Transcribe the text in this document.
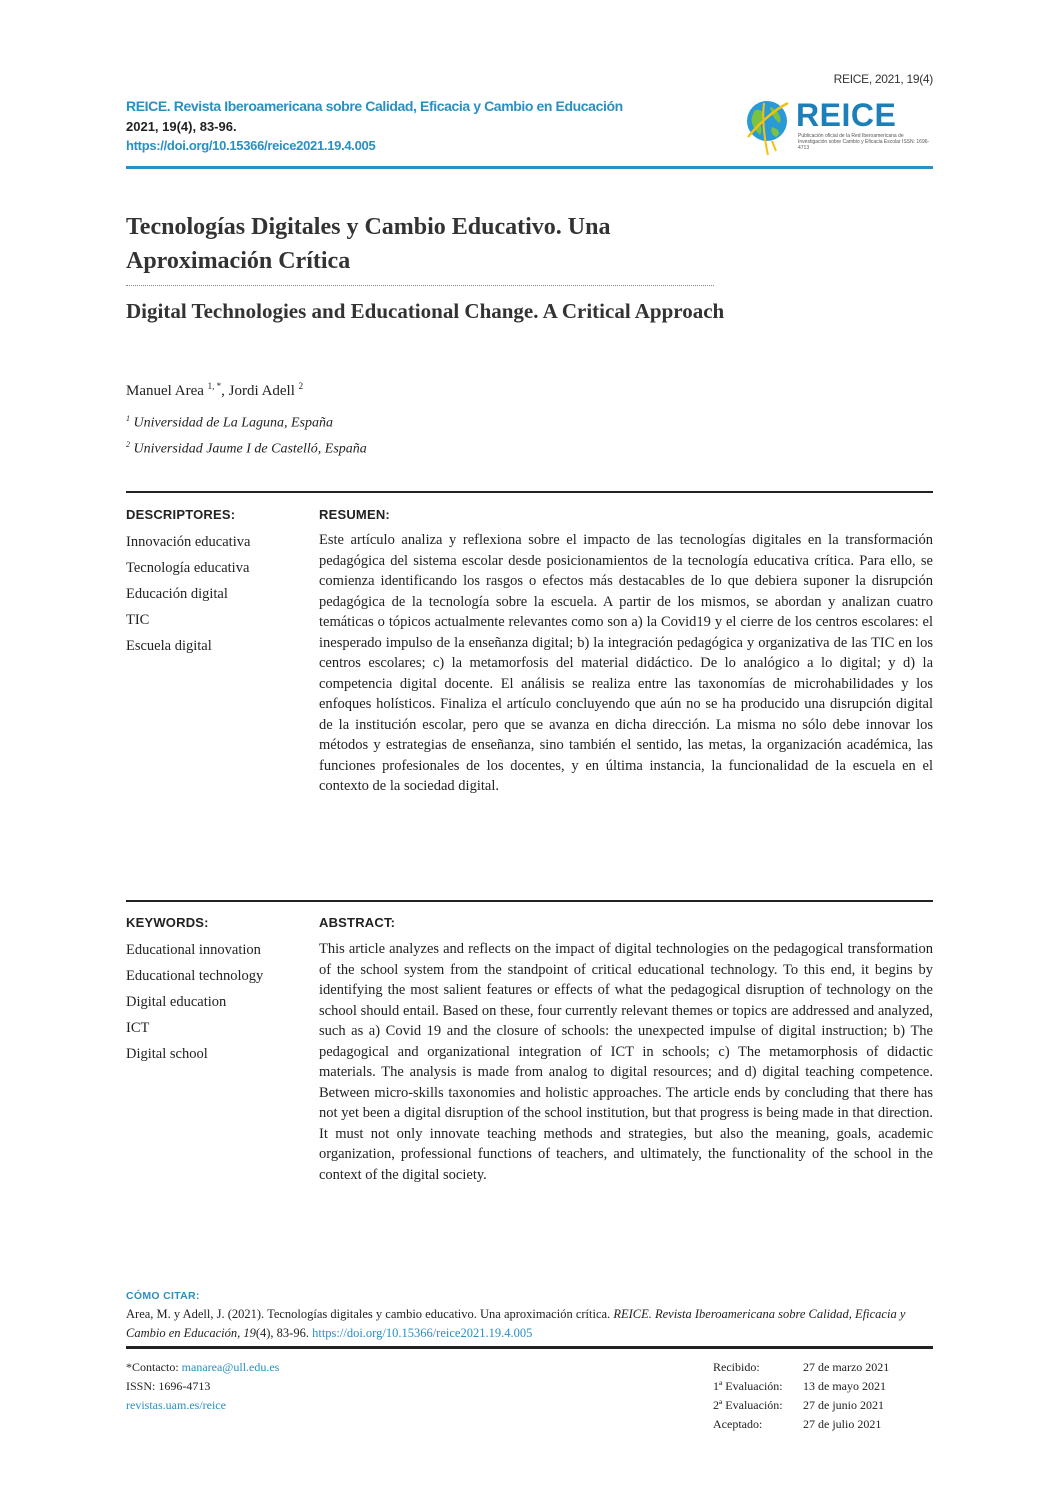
REICE, 2021, 19(4)
REICE. Revista Iberoamericana sobre Calidad, Eficacia y Cambio en Educación
2021, 19(4), 83-96.
https://doi.org/10.15366/reice2021.19.4.005
REICE
Publicación oficial de la Red Iberoamericana de Investigación sobre Cambio y Eficacia Escolar ISSN: 1696-4713
Tecnologías Digitales y Cambio Educativo. Una Aproximación Crítica
Digital Technologies and Educational Change. A Critical Approach
Manuel Area $^{1, *}$, Jordi Adell $^2$
$^1$ Universidad de La Laguna, España
$^2$ Universidad Jaume I de Castelló, España
DESCRIPTORES:	RESUMEN:
Innovación educativa
Tecnología educativa
Educación digital
TIC
Escuela digital
Este artículo analiza y reflexiona sobre el impacto de las tecnologías digitales en la transformación pedagógica del sistema escolar desde posicionamientos de la tecnología educativa crítica. Para ello, se comienza identificando los rasgos o efectos más destacables de lo que debiera suponer la disrupción pedagógica de la tecnología sobre la escuela. A partir de los mismos, se abordan y analizan cuatro temáticas o tópicos actualmente relevantes como son a) la Covid19 y el cierre de los centros escolares: el inesperado impulso de la enseñanza digital; b) la integración pedagógica y organizativa de las TIC en los centros escolares; c) la metamorfosis del material didáctico. De lo analógico a lo digital; y d) la competencia digital docente. El análisis se realiza entre las taxonomías de microhabilidades y los enfoques holísticos. Finaliza el artículo concluyendo que aún no se ha producido una disrupción digital de la institución escolar, pero que se avanza en dicha dirección. La misma no sólo debe innovar los métodos y estrategias de enseñanza, sino también el sentido, las metas, la organización académica, las funciones profesionales de los docentes, y en última instancia, la funcionalidad de la escuela en el contexto de la sociedad digital.
KEYWORDS:	ABSTRACT:
Educational innovation
Educational technology
Digital education
ICT
Digital school
This article analyzes and reflects on the impact of digital technologies on the pedagogical transformation of the school system from the standpoint of critical educational technology. To this end, it begins by identifying the most salient features or effects of what the pedagogical disruption of technology on the school should entail. Based on these, four currently relevant themes or topics are addressed and analyzed, such as a) Covid 19 and the closure of schools: the unexpected impulse of digital instruction; b) The pedagogical and organizational integration of ICT in schools; c) The metamorphosis of didactic materials. The analysis is made from analog to digital resources; and d) digital teaching competence. Between micro-skills taxonomies and holistic approaches. The article ends by concluding that there has not yet been a digital disruption of the school institution, but that progress is being made in that direction. It must not only innovate teaching methods and strategies, but also the meaning, goals, academic organization, professional functions of teachers, and ultimately, the functionality of the school in the context of the digital society.
CÓMO CITAR:
Area, M. y Adell, J. (2021). Tecnologías digitales y cambio educativo. Una aproximación crítica. REICE. Revista Iberoamericana sobre Calidad, Eficacia y Cambio en Educación, 19(4), 83-96. https://doi.org/10.15366/reice2021.19.4.005
*Contacto: manarea@ull.edu.es
ISSN: 1696-4713
revistas.uam.es/reice
Recibido:	27 de marzo 2021
1ª Evaluación:	13 de mayo 2021
2ª Evaluación:	27 de junio 2021
Aceptado:	27 de julio 2021
